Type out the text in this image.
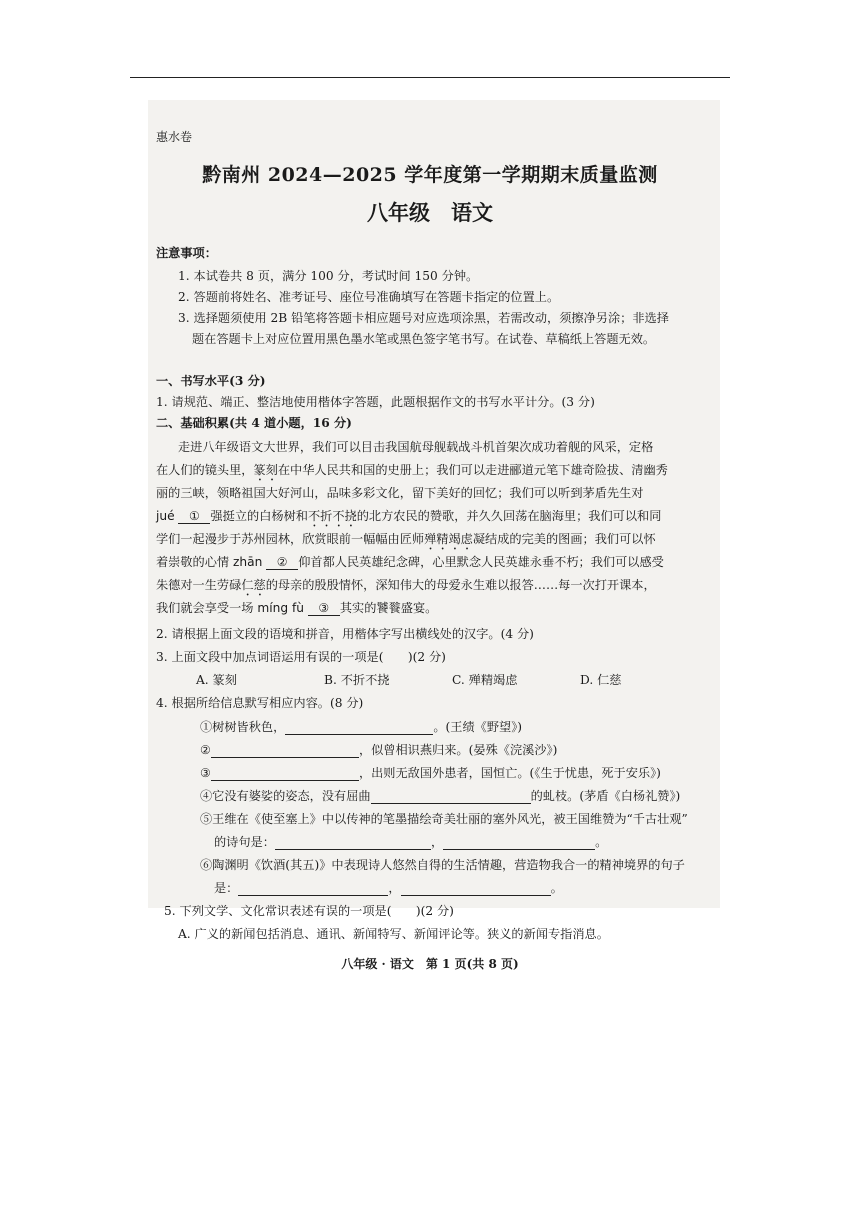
惠水卷
黔南州 2024—2025 学年度第一学期期末质量监测
八年级　语文
注意事项：
1. 本试卷共 8 页，满分 100 分，考试时间 150 分钟。
2. 答题前将姓名、准考证号、座位号准确填写在答题卡指定的位置上。
3. 选择题须使用 2B 铅笔将答题卡相应题号对应选项涂黑，若需改动，须擦净另涂；非选择
题在答题卡上对应位置用黑色墨水笔或黑色签字笔书写。在试卷、草稿纸上答题无效。
一、书写水平(3 分)
1. 请规范、端正、整洁地使用楷体字答题，此题根据作文的书写水平计分。(3 分)
二、基础积累(共 4 道小题，16 分)
走进八年级语文大世界，我们可以目击我国航母舰载战斗机首架次成功着舰的风采，定格
在人们的镜头里，篆刻在中华人民共和国的史册上；我们可以走进郦道元笔下雄奇险拔、清幽秀
丽的三峡，领略祖国大好河山，品味多彩文化，留下美好的回忆；我们可以听到茅盾先生对
jué ① 强挺立的白杨树和不折不挠的北方农民的赞歌，并久久回荡在脑海里；我们可以和同
学们一起漫步于苏州园林，欣赏眼前一幅幅由匠师殚精竭虑凝结成的完美的图画；我们可以怀
着崇敬的心情 zhān ② 仰首都人民英雄纪念碑，心里默念人民英雄永垂不朽；我们可以感受
朱德对一生劳碌仁慈的母亲的殷殷情怀，深知伟大的母爱永生难以报答……每一次打开课本，
我们就会享受一场 míng fù ③ 其实的饕餮盛宴。
2. 请根据上面文段的语境和拼音，用楷体字写出横线处的汉字。(4 分)
3. 上面文段中加点词语运用有误的一项是(　　)(2 分)
A. 篆刻	B. 不折不挠	C. 殚精竭虑	D. 仁慈
4. 根据所给信息默写相应内容。(8 分)
①树树皆秋色，	。(王绩《野望》)
②	，似曾相识燕归来。(晏殊《浣溪沙》)
③	，出则无敌国外患者，国恒亡。(《生于忧患，死于安乐》)
④它没有婆娑的姿态，没有屈曲	的虬枝。(茅盾《白杨礼赞》)
⑤王维在《使至塞上》中以传神的笔墨描绘奇美壮丽的塞外风光，被王国维赞为“千古壮观”
的诗句是：	，	。
⑥陶渊明《饮酒(其五)》中表现诗人悠然自得的生活情趣，营造物我合一的精神境界的句子
是：	，	。
5. 下列文学、文化常识表述有误的一项是(　　)(2 分)
A. 广义的新闻包括消息、通讯、新闻特写、新闻评论等。狭义的新闻专指消息。
八年级 · 语文　第 1 页(共 8 页)
